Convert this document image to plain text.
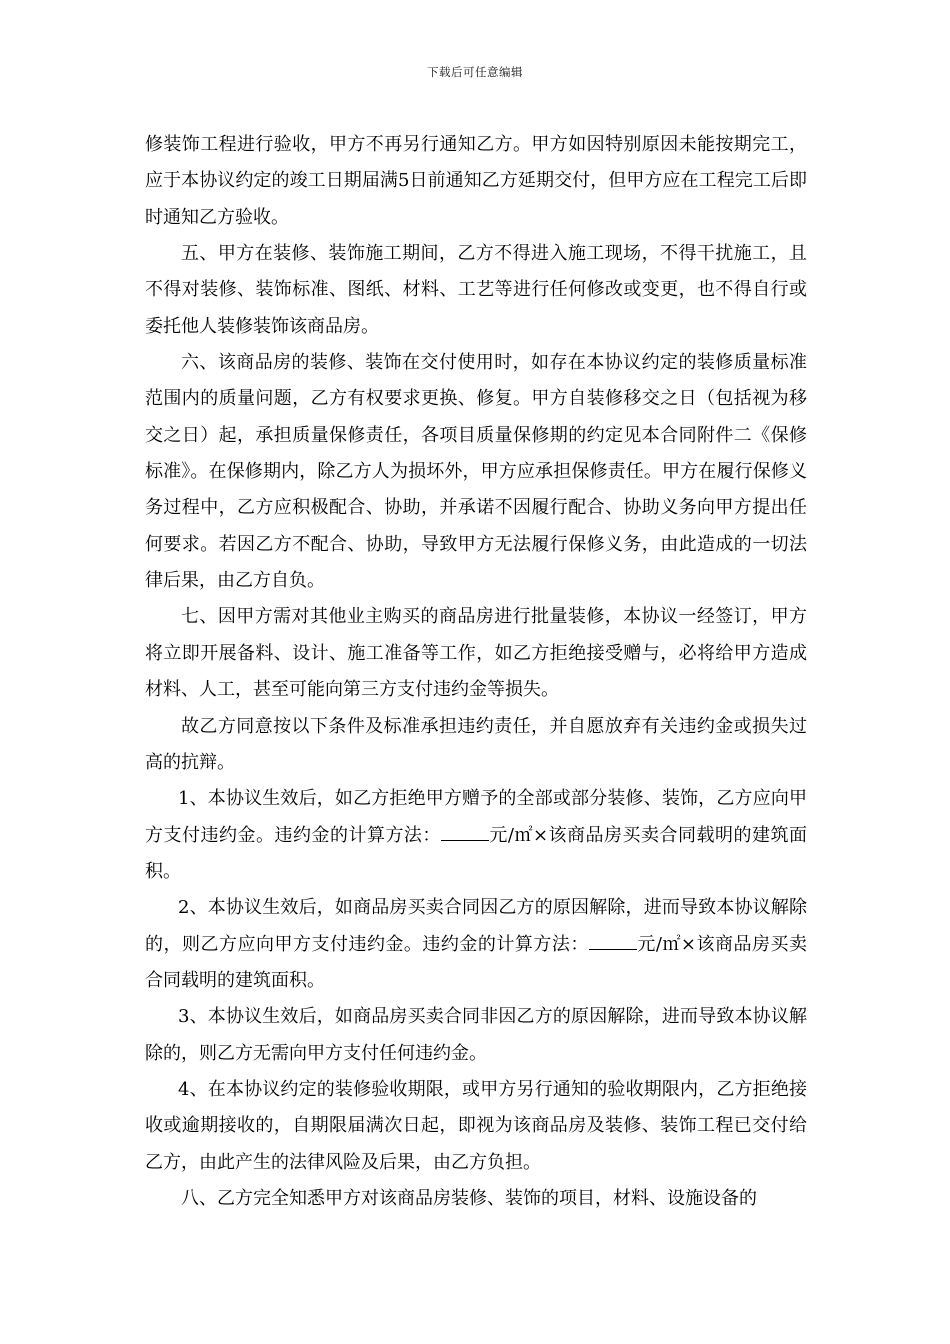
下载后可任意编辑

修装饰工程进行验收，甲方不再另行通知乙方。甲方如因特别原因未能按期完工，应于本协议约定的竣工日期届满5日前通知乙方延期交付，但甲方应在工程完工后即时通知乙方验收。

五、甲方在装修、装饰施工期间，乙方不得进入施工现场，不得干扰施工，且不得对装修、装饰标准、图纸、材料、工艺等进行任何修改或变更，也不得自行或委托他人装修装饰该商品房。

六、该商品房的装修、装饰在交付使用时，如存在本协议约定的装修质量标准范围内的质量问题，乙方有权要求更换、修复。甲方自装修移交之日（包括视为移交之日）起，承担质量保修责任，各项目质量保修期的约定见本合同附件二《保修标准》。在保修期内，除乙方人为损坏外，甲方应承担保修责任。甲方在履行保修义务过程中，乙方应积极配合、协助，并承诺不因履行配合、协助义务向甲方提出任何要求。若因乙方不配合、协助，导致甲方无法履行保修义务，由此造成的一切法律后果，由乙方自负。

七、因甲方需对其他业主购买的商品房进行批量装修，本协议一经签订，甲方将立即开展备料、设计、施工准备等工作，如乙方拒绝接受赠与，必将给甲方造成材料、人工，甚至可能向第三方支付违约金等损失。

故乙方同意按以下条件及标准承担违约责任，并自愿放弃有关违约金或损失过高的抗辩。

1、本协议生效后，如乙方拒绝甲方赠予的全部或部分装修、装饰，乙方应向甲方支付违约金。违约金的计算方法：	元/㎡×该商品房买卖合同载明的建筑面积。

2、本协议生效后，如商品房买卖合同因乙方的原因解除，进而导致本协议解除的，则乙方应向甲方支付违约金。违约金的计算方法：	元/㎡×该商品房买卖合同载明的建筑面积。

3、本协议生效后，如商品房买卖合同非因乙方的原因解除，进而导致本协议解除的，则乙方无需向甲方支付任何违约金。

4、在本协议约定的装修验收期限，或甲方另行通知的验收期限内，乙方拒绝接收或逾期接收的，自期限届满次日起，即视为该商品房及装修、装饰工程已交付给乙方，由此产生的法律风险及后果，由乙方负担。

八、乙方完全知悉甲方对该商品房装修、装饰的项目，材料、设施设备的
